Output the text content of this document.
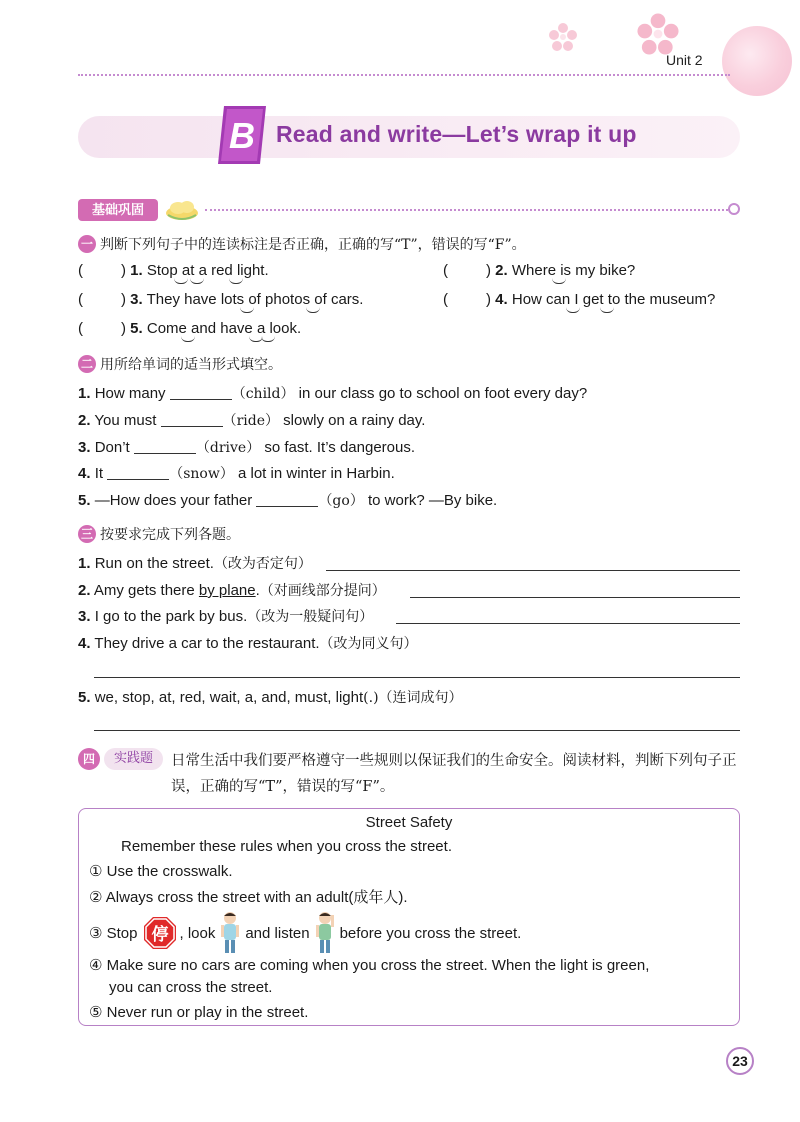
Unit 2
B Read and write—Let’s wrap it up
基础巩固
一 判断下列句子中的连读标注是否正确，正确的写“T”，错误的写“F”。
(	) 1. Stop at a red light.	(	) 2. Where is my bike?
(	) 3. They have lots of photos of cars.	(	) 4. How can I get to the museum?
(	) 5. Come and have a look.
二 用所给单词的适当形式填空。
1. How many	（child） in our class go to school on foot every day?
2. You must	（ride） slowly on a rainy day.
3. Don’t	（drive） so fast. It’s dangerous.
4. It	（snow） a lot in winter in Harbin.
5. —How does your father	（go） to work? —By bike.
三 按要求完成下列各题。
1. Run on the street.（改为否定句）
2. Amy gets there by plane.（对画线部分提问）
3. I go to the park by bus.（改为一般疑问句）
4. They drive a car to the restaurant.（改为同义句）
5. we, stop, at, red, wait, a, and, must, light(.)（连词成句）
四	实践题	日常生活中我们要严格遵守一些规则以保证我们的生命安全。阅读材料，判断下列句子正误，正确的写“T”，错误的写“F”。
Street Safety
Remember these rules when you cross the street.
① Use the crosswalk.
② Always cross the street with an adult(成年人).
③ Stop 停 , look and listen before you cross the street.
④ Make sure no cars are coming when you cross the street. When the light is green,
you can cross the street.
⑤ Never run or play in the street.
23
